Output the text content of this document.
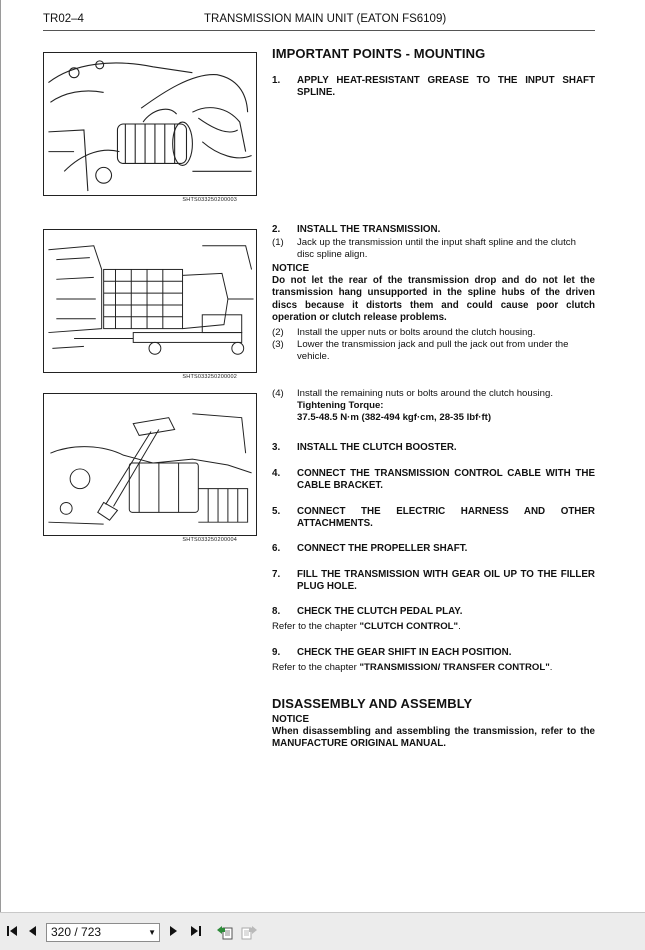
TR02–4	TRANSMISSION MAIN UNIT (EATON FS6109)
SHTS033250200003
SHTS033250200002
SHTS033250200004
IMPORTANT POINTS - MOUNTING
1.	APPLY HEAT-RESISTANT GREASE TO THE INPUT SHAFT SPLINE.
2.	INSTALL THE TRANSMISSION.
(1)	Jack up the transmission until the input shaft spline and the clutch disc spline align.
NOTICE
Do not let the rear of the transmission drop and do not let the transmission hang unsupported in the spline hubs of the driven discs because it distorts them and could cause poor clutch operation or clutch release problems.
(2)	Install the upper nuts or bolts around the clutch housing.
(3)	Lower the transmission jack and pull the jack out from under the vehicle.
(4)	Install the remaining nuts or bolts around the clutch housing.
Tightening Torque:
37.5-48.5 N·m (382-494 kgf·cm, 28-35 lbf·ft)
3.	INSTALL THE CLUTCH BOOSTER.
4.	CONNECT THE TRANSMISSION CONTROL CABLE WITH THE CABLE BRACKET.
5.	CONNECT THE ELECTRIC HARNESS AND OTHER ATTACHMENTS.
6.	CONNECT THE PROPELLER SHAFT.
7.	FILL THE TRANSMISSION WITH GEAR OIL UP TO THE FILLER PLUG HOLE.
8.	CHECK THE CLUTCH PEDAL PLAY.
Refer to the chapter "CLUTCH CONTROL".
9.	CHECK THE GEAR SHIFT IN EACH POSITION.
Refer to the chapter "TRANSMISSION/ TRANSFER CONTROL".
DISASSEMBLY AND ASSEMBLY
NOTICE
When disassembling and assembling the transmission, refer to the MANUFACTURE ORIGINAL MANUAL.
320 / 723	▼
